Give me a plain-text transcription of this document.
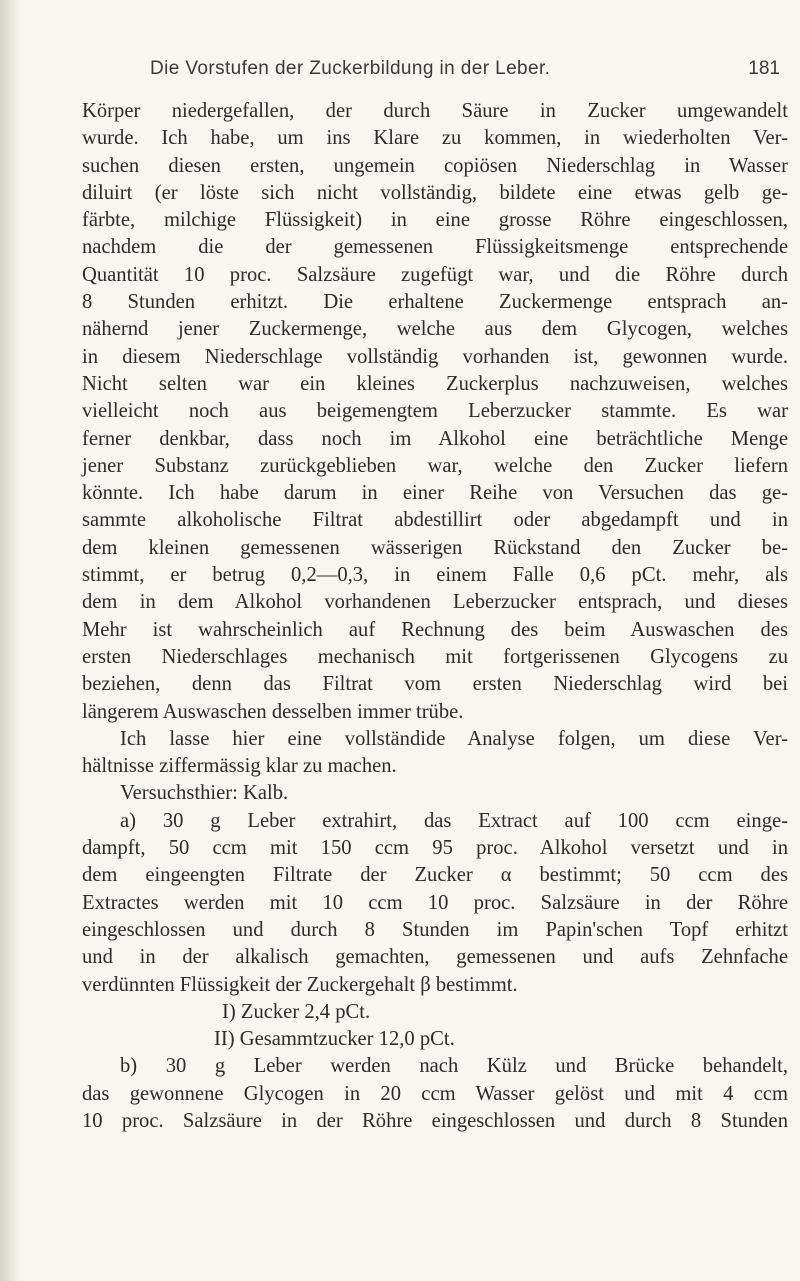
Die Vorstufen der Zuckerbildung in der Leber.	181
Körper niedergefallen, der durch Säure in Zucker umgewandelt
wurde. Ich habe, um ins Klare zu kommen, in wiederholten Ver-
suchen diesen ersten, ungemein copiösen Niederschlag in Wasser
diluirt (er löste sich nicht vollständig, bildete eine etwas gelb ge-
färbte, milchige Flüssigkeit) in eine grosse Röhre eingeschlossen,
nachdem die der gemessenen Flüssigkeitsmenge entsprechende
Quantität 10 proc. Salzsäure zugefügt war, und die Röhre durch
8 Stunden erhitzt. Die erhaltene Zuckermenge entsprach an-
nähernd jener Zuckermenge, welche aus dem Glycogen, welches
in diesem Niederschlage vollständig vorhanden ist, gewonnen wurde.
Nicht selten war ein kleines Zuckerplus nachzuweisen, welches
vielleicht noch aus beigemengtem Leberzucker stammte. Es war
ferner denkbar, dass noch im Alkohol eine beträchtliche Menge
jener Substanz zurückgeblieben war, welche den Zucker liefern
könnte. Ich habe darum in einer Reihe von Versuchen das ge-
sammte alkoholische Filtrat abdestillirt oder abgedampft und in
dem kleinen gemessenen wässerigen Rückstand den Zucker be-
stimmt, er betrug 0,2—0,3, in einem Falle 0,6 pCt. mehr, als
dem in dem Alkohol vorhandenen Leberzucker entsprach, und dieses
Mehr ist wahrscheinlich auf Rechnung des beim Auswaschen des
ersten Niederschlages mechanisch mit fortgerissenen Glycogens zu
beziehen, denn das Filtrat vom ersten Niederschlag wird bei
längerem Auswaschen desselben immer trübe.
Ich lasse hier eine vollständide Analyse folgen, um diese Ver-
hältnisse ziffermässig klar zu machen.
Versuchsthier: Kalb.
a) 30 g Leber extrahirt, das Extract auf 100 ccm einge-
dampft, 50 ccm mit 150 ccm 95 proc. Alkohol versetzt und in
dem eingeengten Filtrate der Zucker α bestimmt; 50 ccm des
Extractes werden mit 10 ccm 10 proc. Salzsäure in der Röhre
eingeschlossen und durch 8 Stunden im Papin'schen Topf erhitzt
und in der alkalisch gemachten, gemessenen und aufs Zehnfache
verdünnten Flüssigkeit der Zuckergehalt β bestimmt.
I) Zucker 2,4 pCt.
II) Gesammtzucker 12,0 pCt.
b) 30 g Leber werden nach Külz und Brücke behandelt,
das gewonnene Glycogen in 20 ccm Wasser gelöst und mit 4 ccm
10 proc. Salzsäure in der Röhre eingeschlossen und durch 8 Stunden
